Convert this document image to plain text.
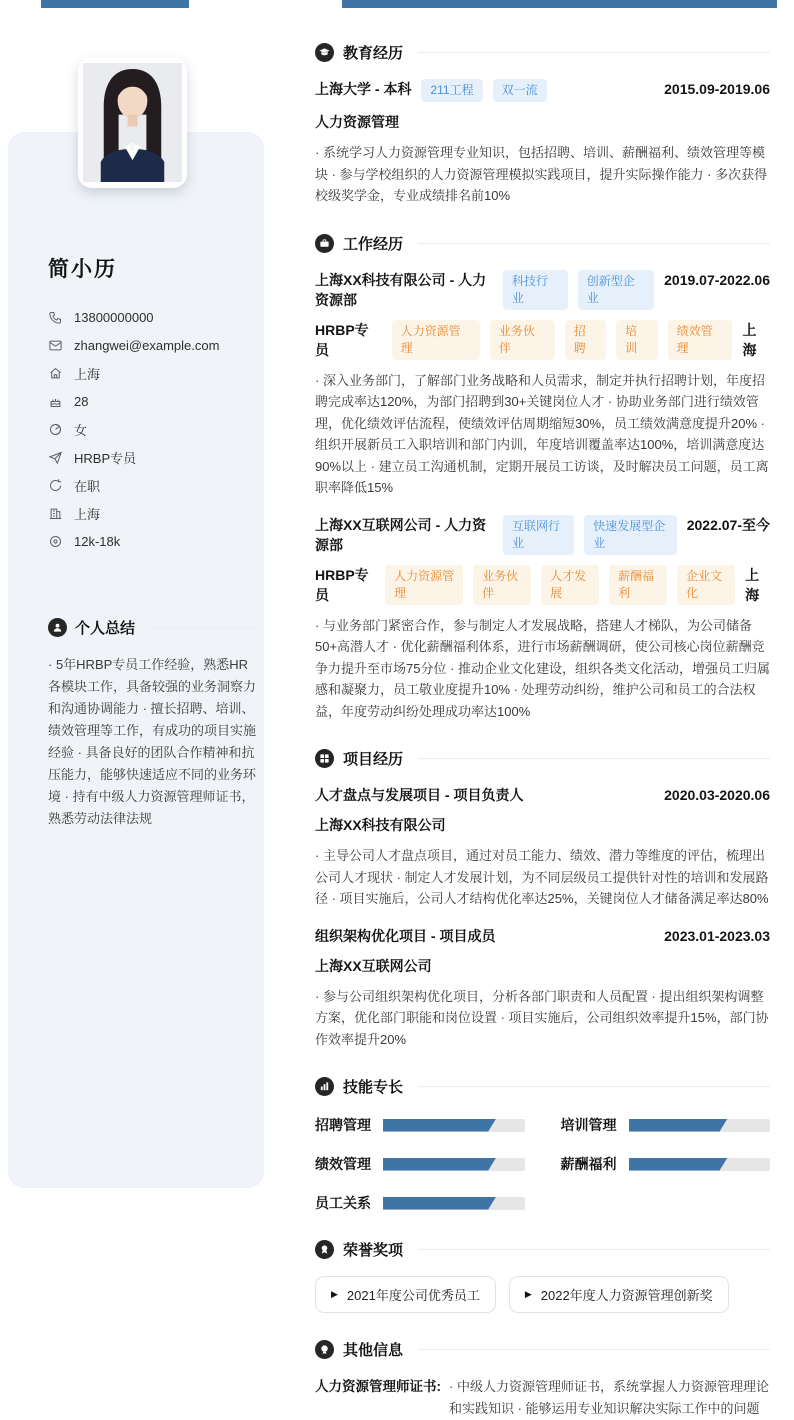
简小历
13800000000
zhangwei@example.com
上海
28
女
HRBP专员
在职
上海
12k-18k
个人总结

· 5年HRBP专员工作经验，熟悉HR各模块工作，具备较强的业务洞察力和沟通协调能力 · 擅长招聘、培训、绩效管理等工作，有成功的项目实施经验 · 具备良好的团队合作精神和抗压能力，能够快速适应不同的业务环境 · 持有中级人力资源管理师证书，熟悉劳动法律法规

教育经历
上海大学 - 本科	211工程	双一流	2015.09-2019.06
人力资源管理

· 系统学习人力资源管理专业知识，包括招聘、培训、薪酬福利、绩效管理等模块 · 参与学校组织的人力资源管理模拟实践项目，提升实际操作能力 · 多次获得校级奖学金，专业成绩排名前10%

工作经历
上海XX科技有限公司 - 人力资源部
科技行业
创新型企业
2019.07-2022.06
HRBP专员
人力资源管理
业务伙伴
招聘
培训
绩效管理
上海

· 深入业务部门，了解部门业务战略和人员需求，制定并执行招聘计划，年度招聘完成率达120%，为部门招聘到30+关键岗位人才 · 协助业务部门进行绩效管理，优化绩效评估流程，使绩效评估周期缩短30%，员工绩效满意度提升20% · 组织开展新员工入职培训和部门内训，年度培训覆盖率达100%，培训满意度达90%以上 · 建立员工沟通机制，定期开展员工访谈，及时解决员工问题，员工离职率降低15%

上海XX互联网公司 - 人力资源部
互联网行业
快速发展型企业
2022.07-至今
HRBP专员
人力资源管理
业务伙伴
人才发展
薪酬福利
企业文化
上海

· 与业务部门紧密合作，参与制定人才发展战略，搭建人才梯队，为公司储备50+高潜人才 · 优化薪酬福利体系，进行市场薪酬调研，使公司核心岗位薪酬竞争力提升至市场75分位 · 推动企业文化建设，组织各类文化活动，增强员工归属感和凝聚力，员工敬业度提升10% · 处理劳动纠纷，维护公司和员工的合法权益，年度劳动纠纷处理成功率达100%

项目经历
人才盘点与发展项目 - 项目负责人	2020.03-2020.06
上海XX科技有限公司

· 主导公司人才盘点项目，通过对员工能力、绩效、潜力等维度的评估，梳理出公司人才现状 · 制定人才发展计划，为不同层级员工提供针对性的培训和发展路径 · 项目实施后，公司人才结构优化率达25%，关键岗位人才储备满足率达80%

组织架构优化项目 - 项目成员	2023.01-2023.03
上海XX互联网公司

· 参与公司组织架构优化项目，分析各部门职责和人员配置 · 提出组织架构调整方案，优化部门职能和岗位设置 · 项目实施后，公司组织效率提升15%，部门协作效率提升20%

技能专长
招聘管理	培训管理
绩效管理	薪酬福利
员工关系
荣誉奖项
▶ 2021年度公司优秀员工	▶ 2022年度人力资源管理创新奖
其他信息
人力资源管理师证书: · 中级人力资源管理师证书，系统掌握人力资源管理理论和实践知识 · 能够运用专业知识解决实际工作中的问题
